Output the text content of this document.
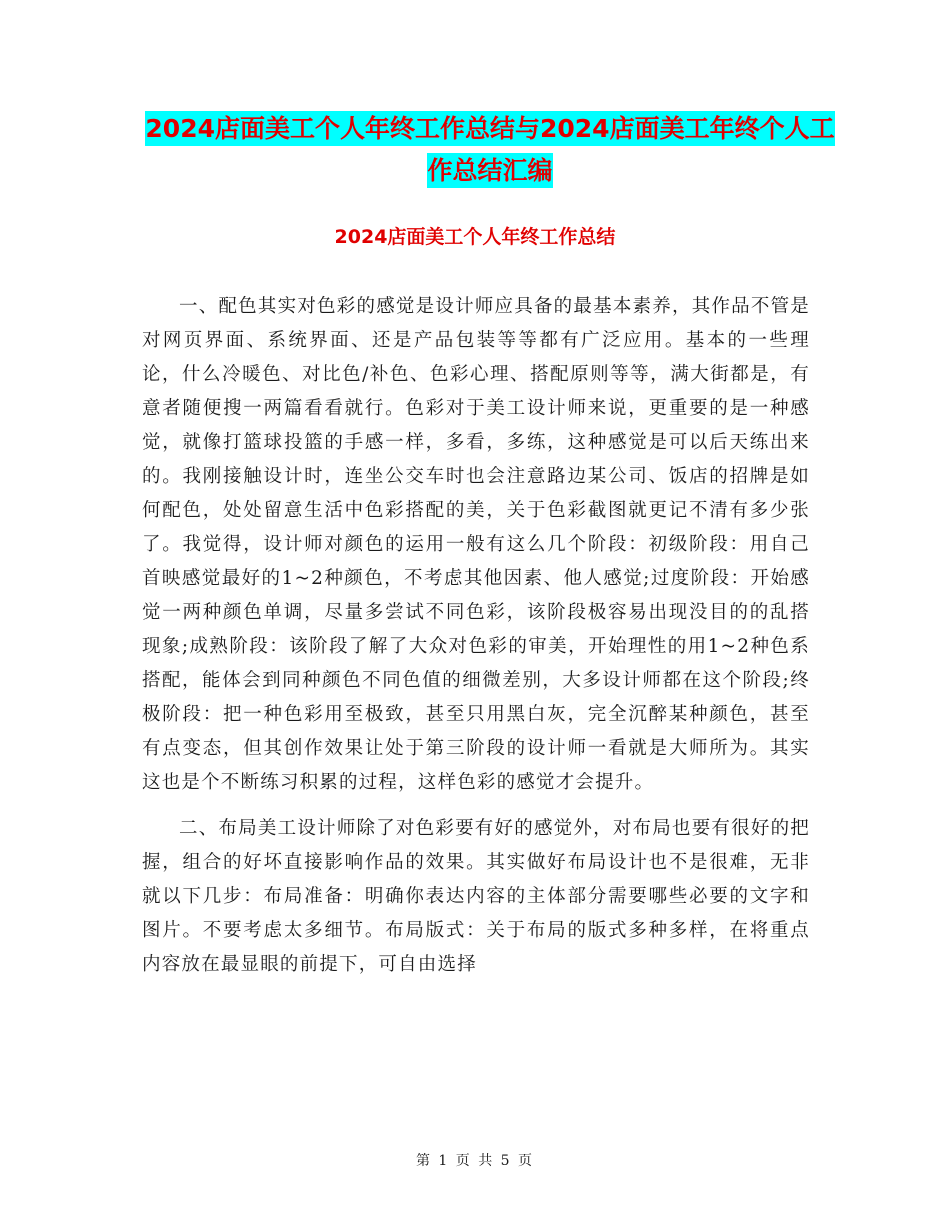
2024店面美工个人年终工作总结与2024店面美工年终个人工作总结汇编
2024店面美工个人年终工作总结

一、配色其实对色彩的感觉是设计师应具备的最基本素养，其作品不管是对网页界面、系统界面、还是产品包装等等都有广泛应用。基本的一些理论，什么冷暖色、对比色/补色、色彩心理、搭配原则等等，满大街都是，有意者随便搜一两篇看看就行。色彩对于美工设计师来说，更重要的是一种感觉，就像打篮球投篮的手感一样，多看，多练，这种感觉是可以后天练出来的。我刚接触设计时，连坐公交车时也会注意路边某公司、饭店的招牌是如何配色，处处留意生活中色彩搭配的美，关于色彩截图就更记不清有多少张了。我觉得，设计师对颜色的运用一般有这么几个阶段：初级阶段：用自己首映感觉最好的1~2种颜色，不考虑其他因素、他人感觉;过度阶段：开始感觉一两种颜色单调，尽量多尝试不同色彩，该阶段极容易出现没目的的乱搭现象;成熟阶段：该阶段了解了大众对色彩的审美，开始理性的用1~2种色系搭配，能体会到同种颜色不同色值的细微差别，大多设计师都在这个阶段;终极阶段：把一种色彩用至极致，甚至只用黑白灰，完全沉醉某种颜色，甚至有点变态，但其创作效果让处于第三阶段的设计师一看就是大师所为。其实这也是个不断练习积累的过程，这样色彩的感觉才会提升。

二、布局美工设计师除了对色彩要有好的感觉外，对布局也要有很好的把握，组合的好坏直接影响作品的效果。其实做好布局设计也不是很难，无非就以下几步：布局准备：明确你表达内容的主体部分需要哪些必要的文字和图片。不要考虑太多细节。布局版式：关于布局的版式多种多样，在将重点内容放在最显眼的前提下，可自由选择

第 1 页 共 5 页
